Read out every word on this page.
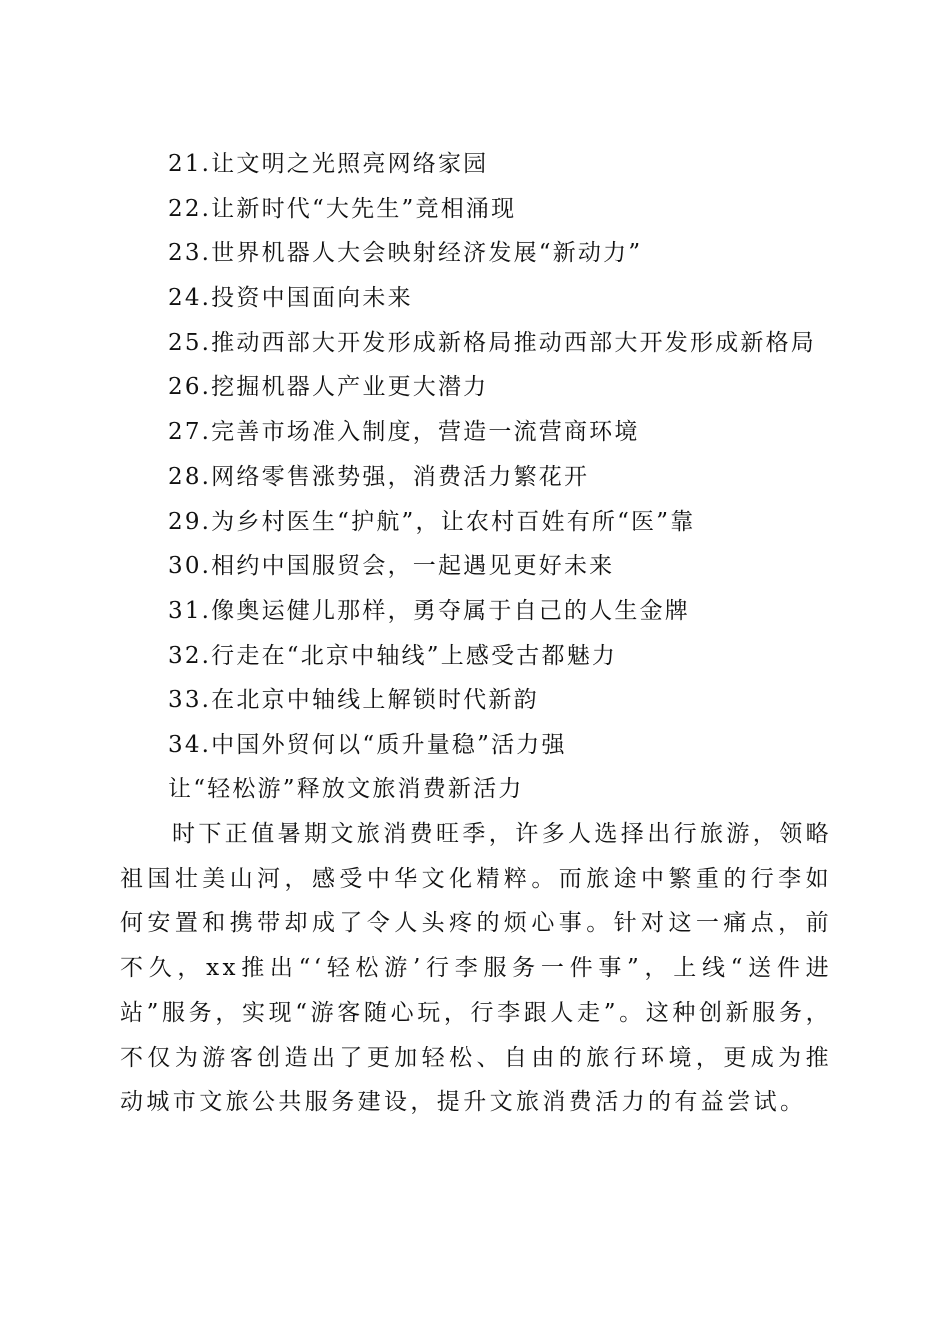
21.让文明之光照亮网络家园
22.让新时代“大先生”竞相涌现
23.世界机器人大会映射经济发展“新动力”
24.投资中国面向未来
25.推动西部大开发形成新格局推动西部大开发形成新格局
26.挖掘机器人产业更大潜力
27.完善市场准入制度，营造一流营商环境
28.网络零售涨势强，消费活力繁花开
29.为乡村医生“护航”，让农村百姓有所“医”靠
30.相约中国服贸会，一起遇见更好未来
31.像奥运健儿那样，勇夺属于自己的人生金牌
32.行走在“北京中轴线”上感受古都魅力
33.在北京中轴线上解锁时代新韵
34.中国外贸何以“质升量稳”活力强
让“轻松游”释放文旅消费新活力

时下正值暑期文旅消费旺季，许多人选择出行旅游，领略祖国壮美山河，感受中华文化精粹。而旅途中繁重的行李如何安置和携带却成了令人头疼的烦心事。针对这一痛点，前不久，xx推出“‘轻松游’行李服务一件事”，上线“送件进站”服务，实现“游客随心玩，行李跟人走”。这种创新服务，不仅为游客创造出了更加轻松、自由的旅行环境，更成为推动城市文旅公共服务建设，提升文旅消费活力的有益尝试。
